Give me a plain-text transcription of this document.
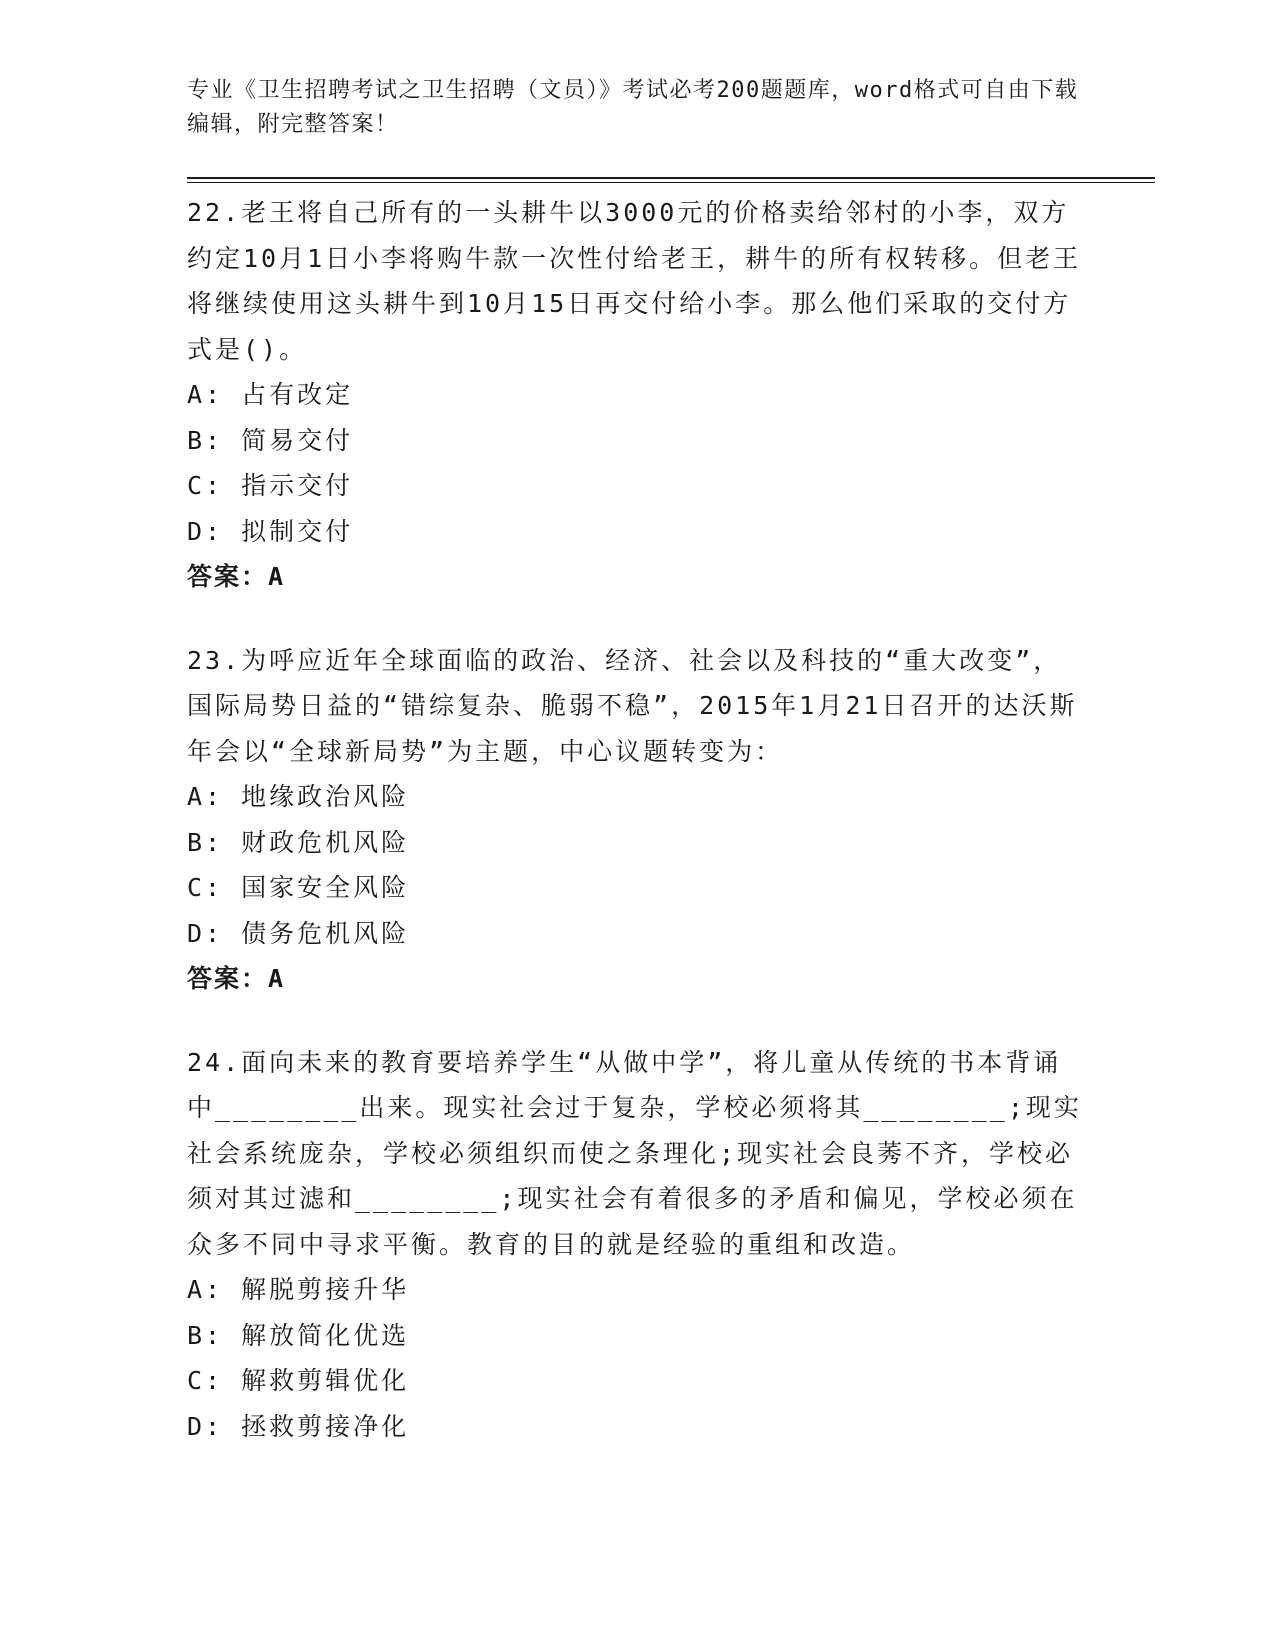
专业《卫生招聘考试之卫生招聘（文员）》考试必考200题题库，word格式可自由下载编辑，附完整答案！

22.老王将自己所有的一头耕牛以3000元的价格卖给邻村的小李，双方约定10月1日小李将购牛款一次性付给老王，耕牛的所有权转移。但老王将继续使用这头耕牛到10月15日再交付给小李。那么他们采取的交付方式是()。

A: 占有改定
B: 简易交付
C: 指示交付
D: 拟制交付

答案：A

23.为呼应近年全球面临的政治、经济、社会以及科技的“重大改变”，国际局势日益的“错综复杂、脆弱不稳”，2015年1月21日召开的达沃斯年会以“全球新局势”为主题，中心议题转变为：

A: 地缘政治风险
B: 财政危机风险
C: 国家安全风险
D: 债务危机风险

答案：A

24.面向未来的教育要培养学生“从做中学”，将儿童从传统的书本背诵中________出来。现实社会过于复杂，学校必须将其________;现实社会系统庞杂，学校必须组织而使之条理化;现实社会良莠不齐，学校必须对其过滤和________;现实社会有着很多的矛盾和偏见，学校必须在众多不同中寻求平衡。教育的目的就是经验的重组和改造。

A: 解脱剪接升华
B: 解放简化优选
C: 解救剪辑优化
D: 拯救剪接净化
